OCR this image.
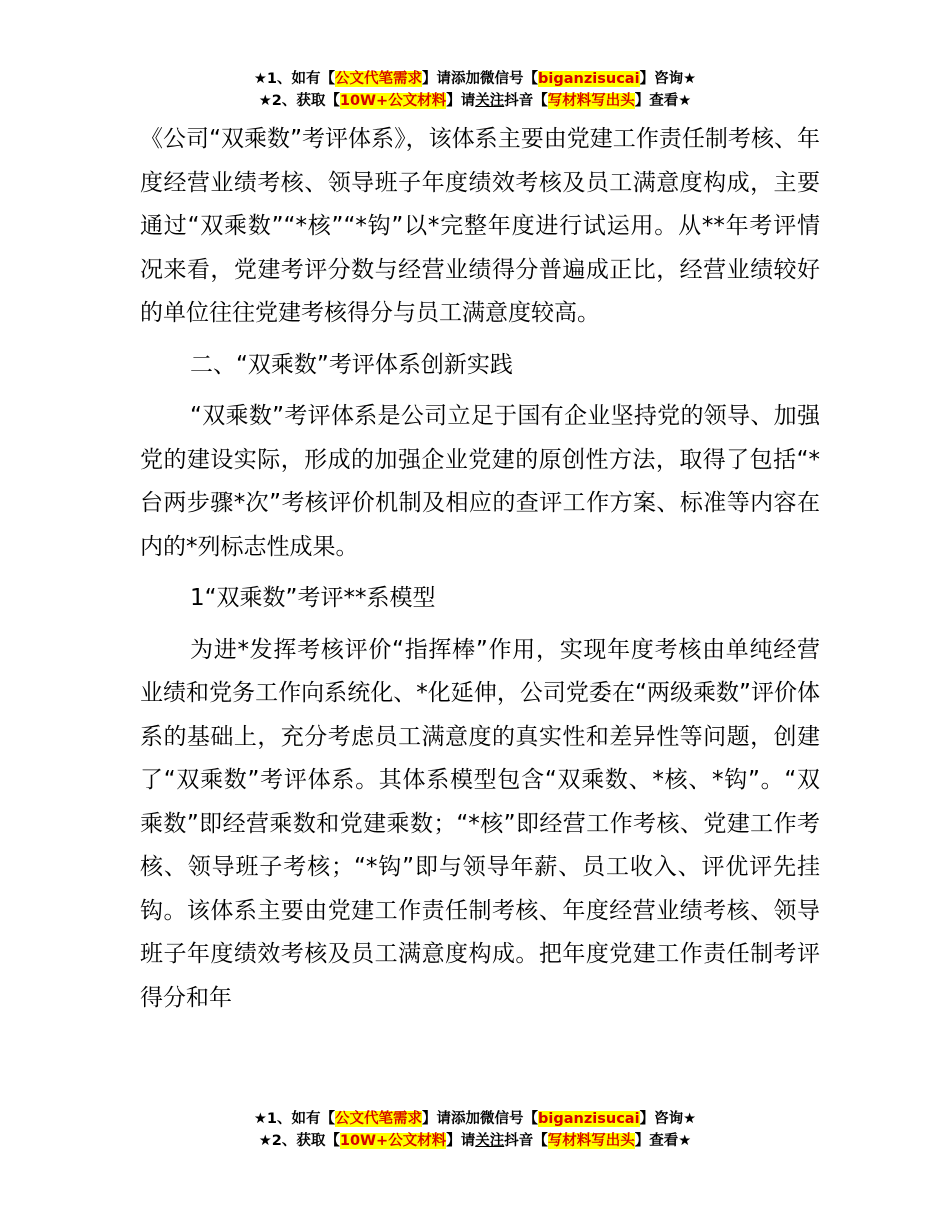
★1、如有【公文代笔需求】请添加微信号【biganzisucai】咨询★
★2、获取【10W+公文材料】请关注抖音【写材料写出头】查看★

《公司“双乘数”考评体系》，该体系主要由党建工作责任制考核、年度经营业绩考核、领导班子年度绩效考核及员工满意度构成，主要通过“双乘数”“*核”“*钩”以*完整年度进行试运用。从**年考评情况来看，党建考评分数与经营业绩得分普遍成正比，经营业绩较好的单位往往党建考核得分与员工满意度较高。

二、“双乘数”考评体系创新实践

“双乘数”考评体系是公司立足于国有企业坚持党的领导、加强党的建设实际，形成的加强企业党建的原创性方法，取得了包括“*台两步骤*次”考核评价机制及相应的查评工作方案、标准等内容在内的*列标志性成果。

1“双乘数”考评**系模型

为进*发挥考核评价“指挥棒”作用，实现年度考核由单纯经营业绩和党务工作向系统化、*化延伸，公司党委在“两级乘数”评价体系的基础上，充分考虑员工满意度的真实性和差异性等问题，创建了“双乘数”考评体系。其体系模型包含“双乘数、*核、*钩”。“双乘数”即经营乘数和党建乘数；“*核”即经营工作考核、党建工作考核、领导班子考核；“*钩”即与领导年薪、员工收入、评优评先挂钩。该体系主要由党建工作责任制考核、年度经营业绩考核、领导班子年度绩效考核及员工满意度构成。把年度党建工作责任制考评得分和年

★1、如有【公文代笔需求】请添加微信号【biganzisucai】咨询★
★2、获取【10W+公文材料】请关注抖音【写材料写出头】查看★
